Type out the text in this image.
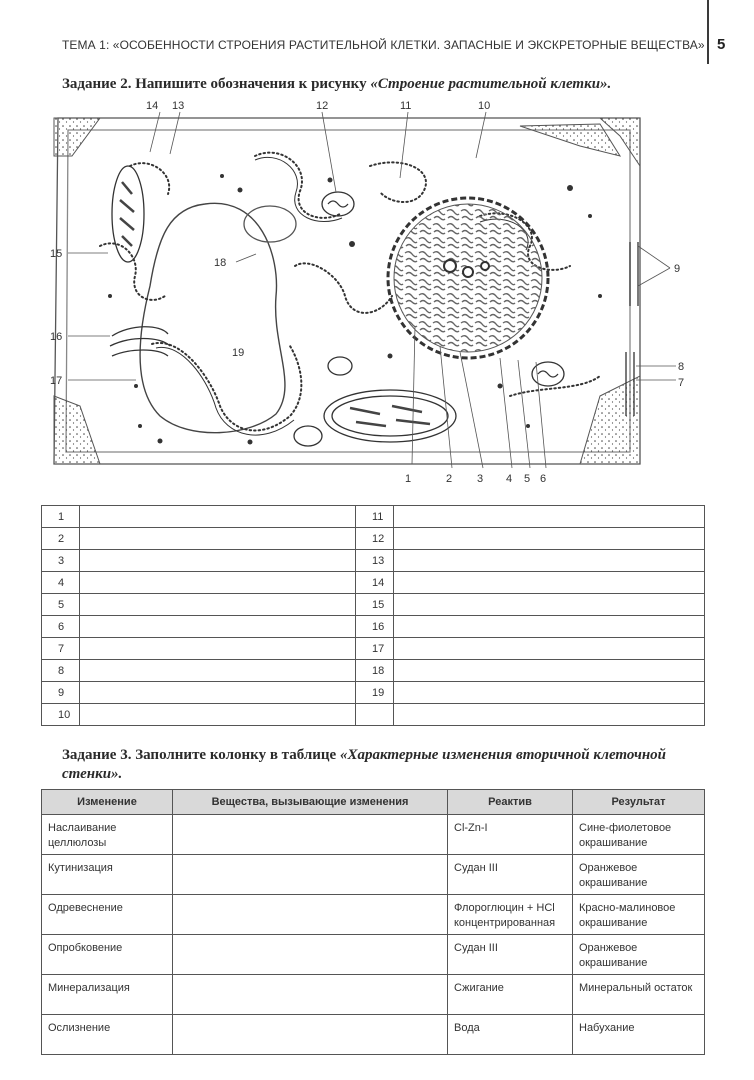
ТЕМА 1: «ОСОБЕННОСТИ СТРОЕНИЯ РАСТИТЕЛЬНОЙ КЛЕТКИ. ЗАПАСНЫЕ И ЭКСКРЕТОРНЫЕ ВЕЩЕСТВА» 5
Задание 2. Напишите обозначения к рисунку «Строение растительной клетки».
1	2 3 4 5 6
7
8
9
10
11
12
13
14
15
16
17
18
19
1		11	
2		12	
3		13	
4		14	
5		15	
6		16	
7		17	
8		18	
9		19	
10			
Задание 3. Заполните колонку в таблице «Характерные изменения вторичной клеточной стенки».
Изменение	Вещества, вызывающие изменения	Реактив	Результат
Наслаивание целлюлозы		Cl-Zn-I	Сине-фиолетовое окрашивание
Кутинизация		Судан III	Оранжевое окрашивание
Одревеснение		Флороглюцин + HCl концентрированная	Красно-малиновое окрашивание
Опробковение		Судан III	Оранжевое окрашивание
Минерализация		Сжигание	Минеральный остаток
Ослизнение		Вода	Набухание
